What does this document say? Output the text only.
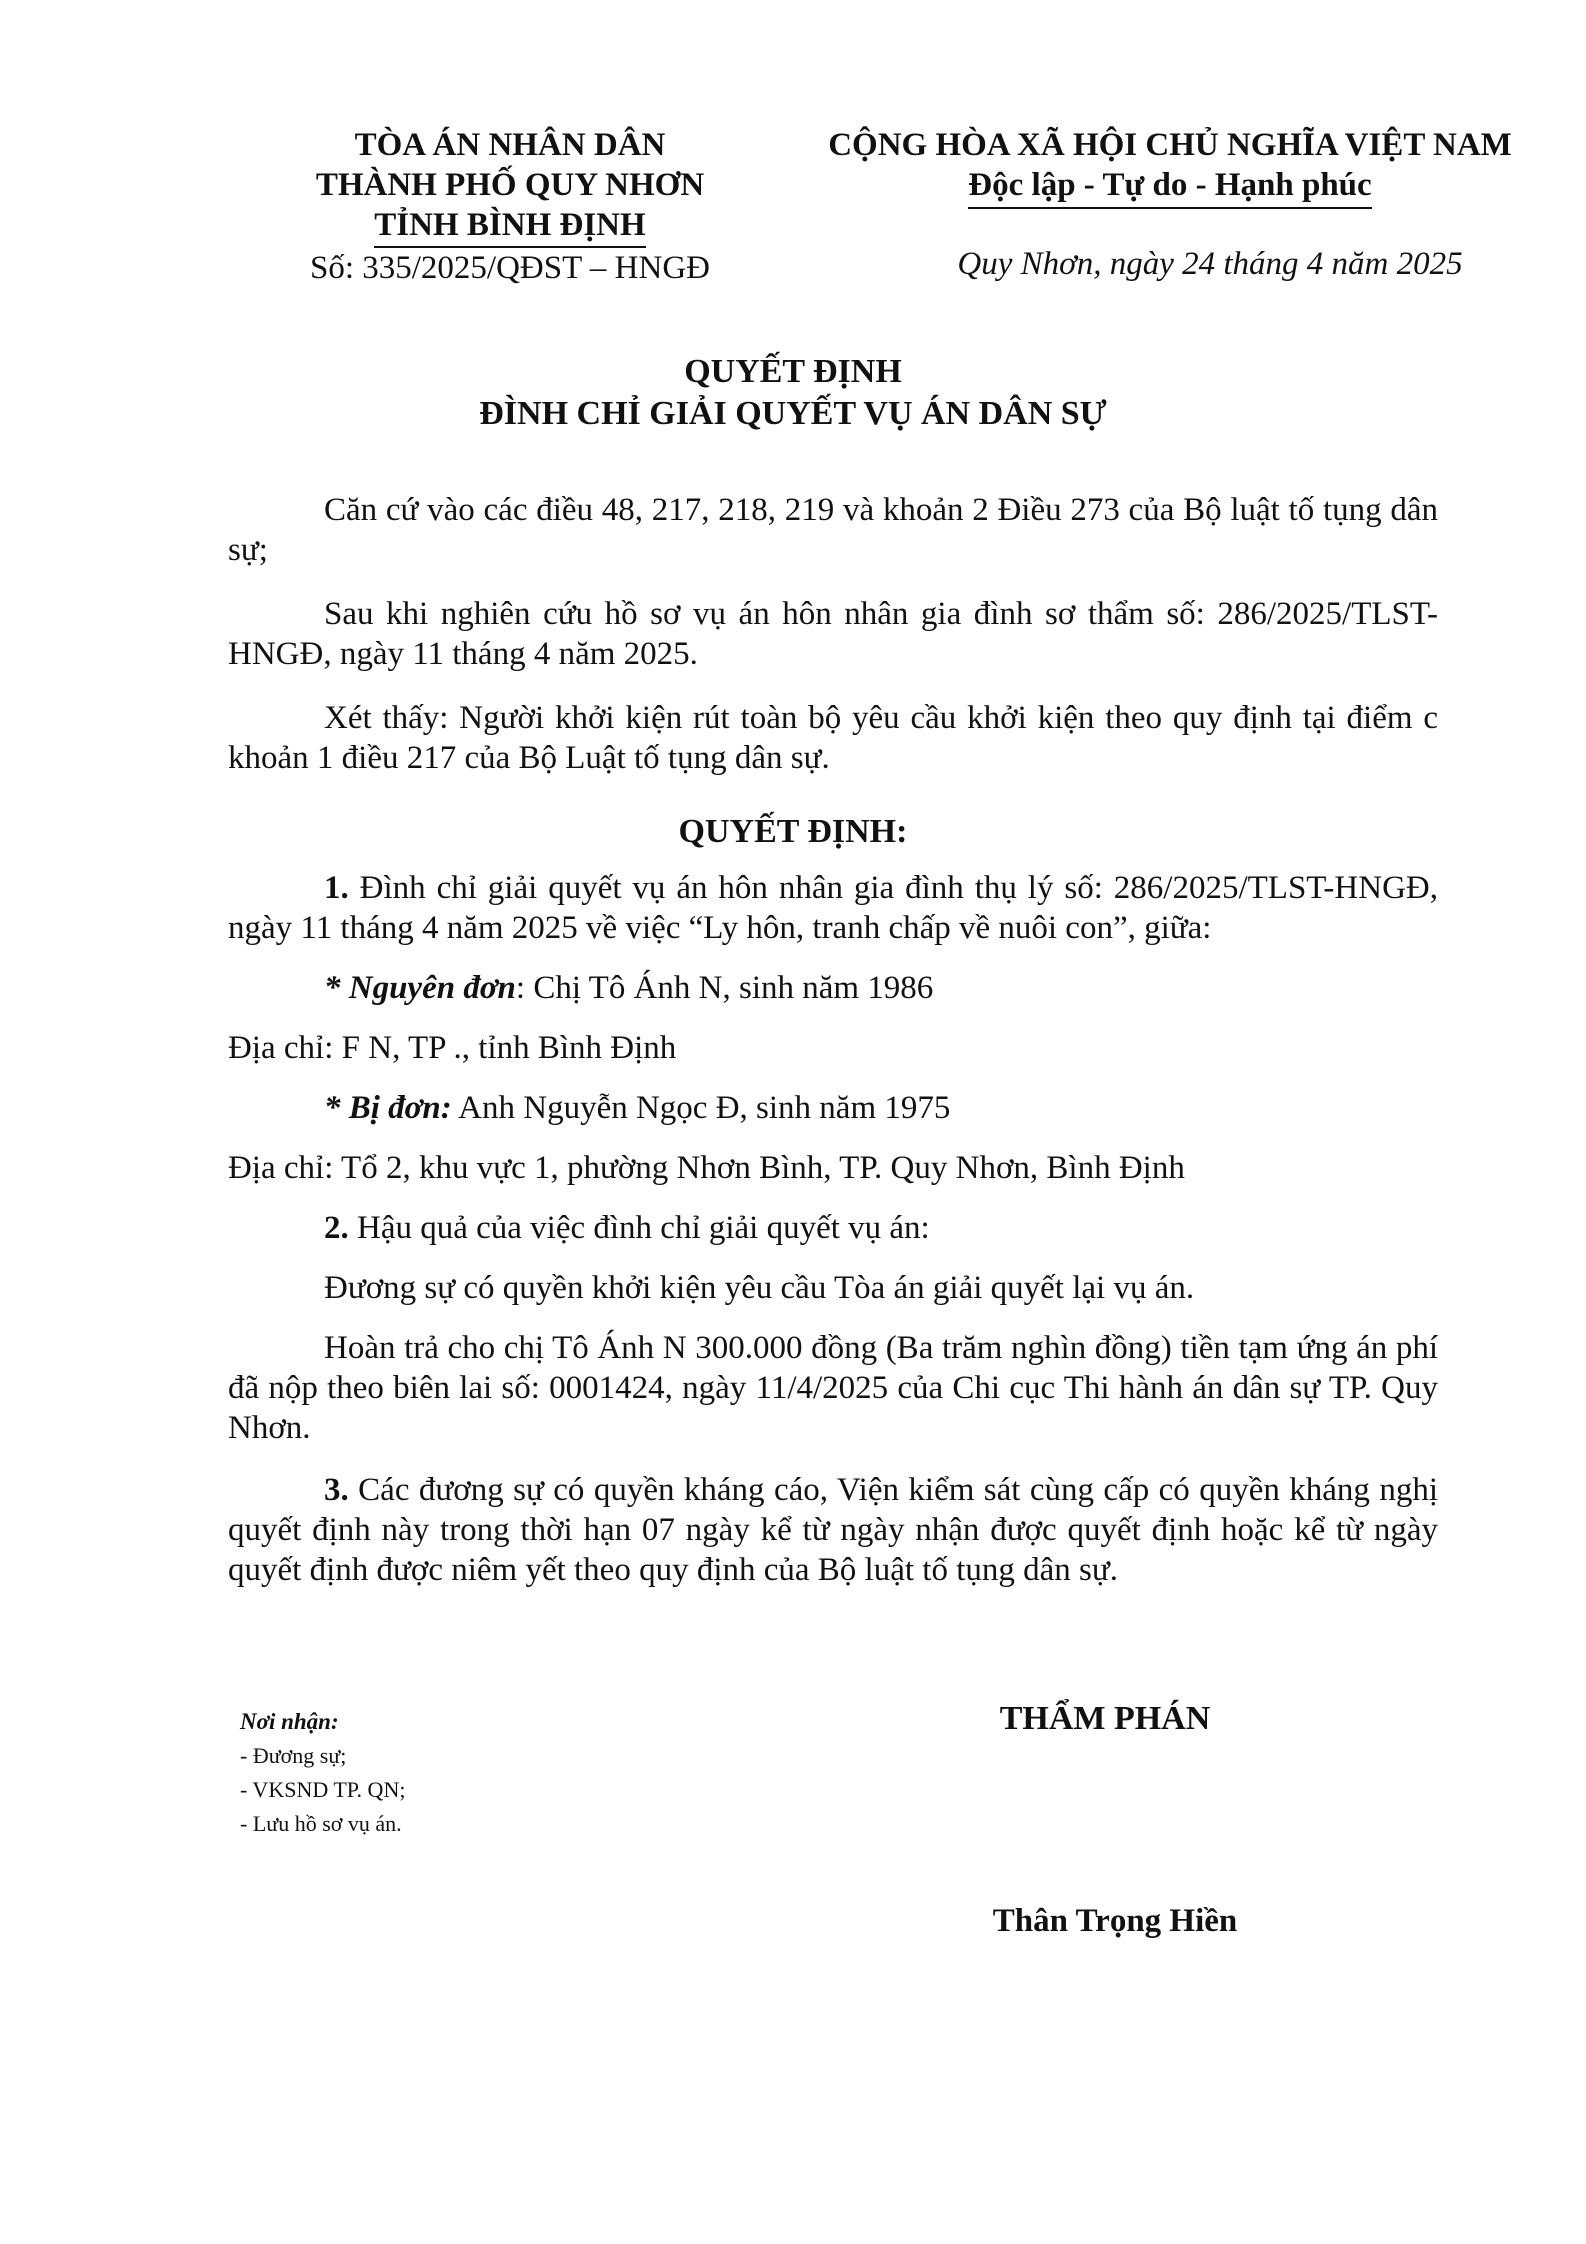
TÒA ÁN NHÂN DÂN
THÀNH PHỐ QUY NHƠN
TỈNH BÌNH ĐỊNH
Số: 335/2025/QĐST – HNGĐ
CỘNG HÒA XÃ HỘI CHỦ NGHĨA VIỆT NAM
Độc lập - Tự do - Hạnh phúc
Quy Nhơn, ngày 24 tháng 4 năm 2025
QUYẾT ĐỊNH
ĐÌNH CHỈ GIẢI QUYẾT VỤ ÁN DÂN SỰ

Căn cứ vào các điều 48, 217, 218, 219 và khoản 2 Điều 273 của Bộ luật tố tụng dân sự;

Sau khi nghiên cứu hồ sơ vụ án hôn nhân gia đình sơ thẩm số: 286/2025/TLST-HNGĐ, ngày 11 tháng 4 năm 2025.

Xét thấy: Người khởi kiện rút toàn bộ yêu cầu khởi kiện theo quy định tại điểm c khoản 1 điều 217 của Bộ Luật tố tụng dân sự.

QUYẾT ĐỊNH:

1. Đình chỉ giải quyết vụ án hôn nhân gia đình thụ lý số: 286/2025/TLST-HNGĐ, ngày 11 tháng 4 năm 2025 về việc “Ly hôn, tranh chấp về nuôi con”, giữa:

* Nguyên đơn: Chị Tô Ánh N, sinh năm 1986

Địa chỉ: F N, TP ., tỉnh Bình Định

* Bị đơn: Anh Nguyễn Ngọc Đ, sinh năm 1975

Địa chỉ: Tổ 2, khu vực 1, phường Nhơn Bình, TP. Quy Nhơn, Bình Định

2. Hậu quả của việc đình chỉ giải quyết vụ án:

Đương sự có quyền khởi kiện yêu cầu Tòa án giải quyết lại vụ án.

Hoàn trả cho chị Tô Ánh N 300.000 đồng (Ba trăm nghìn đồng) tiền tạm ứng án phí đã nộp theo biên lai số: 0001424, ngày 11/4/2025 của Chi cục Thi hành án dân sự TP. Quy Nhơn.

3. Các đương sự có quyền kháng cáo, Viện kiểm sát cùng cấp có quyền kháng nghị quyết định này trong thời hạn 07 ngày kể từ ngày nhận được quyết định hoặc kể từ ngày quyết định được niêm yết theo quy định của Bộ luật tố tụng dân sự.

Nơi nhận:
- Đương sự;
- VKSND TP. QN;
- Lưu hồ sơ vụ án.
THẨM PHÁN
Thân Trọng Hiền
